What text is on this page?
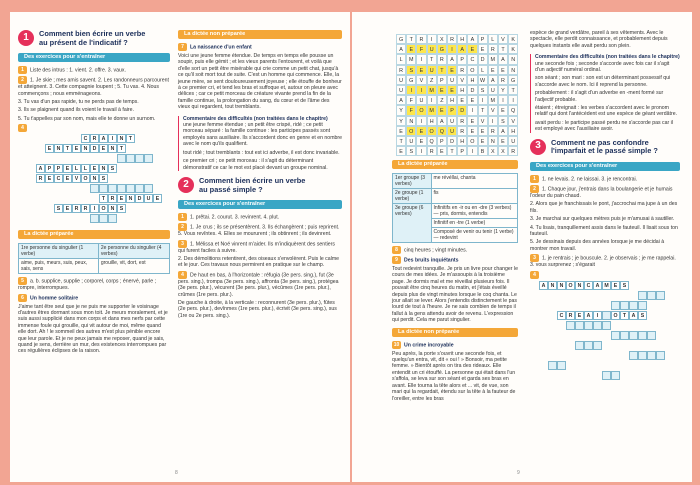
1	Comment bien écrire un verbe
au présent de l'indicatif ?
Des exercices pour s'entraîner
1 Liste des intrus : 1. vient. 2. offre. 3. vaux.
2 1. Je skie ; mes amis savent. 2. Les randonneurs parcourent et atteignent. 3. Cette compagnie loupent ; 5. Tu vas. 4. Nous commençons ; nous emménageons.
3. Tu vas d'un pas rapide, tu ne perds pas de temps.
3. Ils se plaignent quand ils voient le travail à faire.
5. Tu t'appelles par son nom, mais elle te donne un surnom.
4
C	R	A	I	N	T
E	N	T	E	N	D	E	N	T
A	P	P	E	L	L	E	N	S
R	E	C	E	V	O N	S
T	R	E	N	D	U	E
S	E	R	R	I	O N	S
La dictée préparée
1re personne du singulier (1 verbe)	2e personne du singulier (4 verbes)
aime, puis, meurs, suis, peux, sais, sens	grouille, vit, dort, est
5 a. b. supplice, supplie ; corporel, corps ; énervé, parle ; rompre, interrompues.
6 Un homme solitaire
J'aime tant être seul que je ne puis me supporter le voisinage d'autres êtres dormant sous mon toit. Je meurs moralement, et je suis aussi supplicié dans mon corps et dans mes nerfs par cette immense foule qui grouille, qui vit autour de moi, même quand elle dort. Ah ! le sommeil des autres m'est plus pénible encore que leur parole. Et je ne peux jamais me reposer, quand je sais, quand je sens, derrière un mur, des existences interrompues par ces régulières éclipses de la raison.
La dictée non préparée
7 La naissance d'un enfant
Voici une jeune femme étendue. De temps en temps elle pousse un soupir, puis elle gémit ; et les vieux parents l'entourent, et voilà que d'elle sort un petit être misérable qui crie comme un petit chat, jusqu'à ce qu'il soit mort tout de suite. C'est un homme qui commence. Elle, la jeune mère, se sent douloureusement joyeuse ; elle étouffe de bonheur à ce premier cri, et tend les bras et suffoque et, autour on pleure avec délices ; car ce petit morceau de créature vivante prend la fin de la famille continue, la prolongation du sang, du cœur et de l'âme des vieux qui regardent, tout tremblants.
Commentaire des difficultés (non traitées dans le chapitre)
une jeune femme étendue ; un petit être crispé, ridé ; ce petit morceau séparé : la famille continue : les participes passés sont employés sans auxiliaire. Ils s'accordent donc en genre et en nombre avec le nom qu'ils qualifient.
tout ridé ; tout tremblants : tout est ici adverbe, il est donc invariable.
ce premier cri ; ce petit morceau : il s'agit du déterminant démonstratif ce car le mot est placé devant un groupe nominal.
2	Comment bien écrire un verbe
au passé simple ?
Des exercices pour s'entraîner
1 1. prêtai. 2. courut. 3. revinrent. 4. plut.
2 1. Je crus ; ils se présentèrent. 3. Ils échangèrent ; puis reprirent. 5. Vous revîntes. 4. Elles se moururent ; ils obtinrent ; ils devinrent.
3 1. Mélissa et Noé vinrent m'aider. Ils m'indiquèrent des sentiers qui furent faciles à suivre.
2. Des démolitions retentirent, des oiseaux s'envolèrent. Puis le calme et le jour. Ces travaux nous permirent en pratique sur le champ.
4 De haut en bas, à l'horizontale : réfugia (3e pers. sing.), fut (3e pers. sing.), trompa (3e pers. sing.), affronta (3e pers. sing.), protégea (3e pers. plur.), vécurent (3e pers. plur.), vécûmes (1re pers. plur.), crûmes (1re pers. plur.).
De gauche à droite, à la verticale : reconnurent (3e pers. plur.), fûtes (2e pers. plur.), devînmes (1re pers. plur.), écrivit (3e pers. sing.), sus (1re ou 2e pers. sing.).
8
G	T	R	I	X	R	H	A	P	L	V	K
A	E	F	U	G	I	A	E	E	R	T	K
L	M	I	T	R	A	P	C	D	M	A	N
R	S	E	U	T	E	R	O	L	E	E	N
U	G	V	Z	P	U	V	H	W	A	R	G
U	I	I	M	E	E	H	D	S	U	Y	T
A	F	U	I	Z	H	E	E	I	M	I	I
Y	F	O	M	E	P	D	I	T	V	E	Q
Y	N	I	H	A	U	R	E	V	I	S	V
E	O	E	O	Q	U	R	E	E	R	A	H
T	U	E	Q	P	D	H	O	E	N	E	U
E	S	I	R	E	T	P	I	B	X	X	R
La dictée préparée
1er groupe (3 verbes)	me révéllai, chanta
2e groupe (1 verbe)	fis
3e groupe (6 verbes)	Infinitifs en -ir ou en -dre (3 verbes) — pris, dormis, entendis
	Infinitif en -tre (1 verbe)
	Composé de venir ou tenir (1 verbe) — redevint
8 cinq heures ; vingt minutes.
9 Des bruits inquiétants
Tout redevint tranquille. Je pris un livre pour changer le cours de mes idées. Je m'assoupis à la troisième page. Je dormis mal et me réveillai plusieurs fois. Il pouvait être cinq heures du matin, et j'étais éveillé depuis plus de vingt minutes lorsque le coq chanta. Le jour allait se lever. Alors j'entendis distinctement le pas lourd de tout à l'heure. Je ne sais combien de temps il fallut à la gens attendu avoir de revenu. L'expression qui perdit. Cela me parut singulier.
La dictée non préparée
10 Un crime incroyable
Peu après, la porte s'ouvrit une seconde fois, et quelqu'un entra, vit, dit « oui ! » Bonsoir, ma petite femme. » Bientôt après on tira des rideaux. Elle entendit un cri étouffé. La personne qui était dans l'un s'affola, se leva sur son séant et garda ses bras en avant. Elle tourna la tête alors et ... vit, de vue, son mari qui la regardait, étendu sur la tête à la fauteur de l'oreiller, entre les bras
espèce de grand verdâtre, pareil à ses vêtements. Avec le spectacle, elle perdit connaissance, et probablement depuis quelques instants elle avait perdu son plein.
Commentaire des difficultés (non traitées dans le chapitre)
une seconde fois ; seconde s'accorde avec fois car il s'agit d'un adjectif numéral ordinal.
son séant ; son mari : son est un déterminant possessif qui s'accorde avec le nom. Ici il reprend la personne.
probablement : il s'agit d'un adverbe en -ment formé sur l'adjectif probable.
étaient ; étreignait : les verbes s'accordent avec le pronom relatif qui dont l'antécédent est une espèce de géant verdâtre.
avait perdu : le participe passé perdu ne s'accorde pas car il est employé avec l'auxiliaire avoir.
3	Comment ne pas confondre
l'imparfait et le passé simple ?
Des exercices pour s'entraîner
1 1. ne levais. 2. ne laissai. 3. je rencontrai.
2 1. Chaque jour, j'entrais dans la boulangerie et je humais l'odeur du pain chaud.
2. Alors que je franchissais le pont, j'accrochai ma jupe à un des fils.
3. Je marchai sur quelques mètres puis je m'amusai à sautiller.
4. Tu lisais, tranquillement assis dans le fauteuil. Il lisait sous ton fauteuil.
5. Je dessinais depuis des années lorsque je me décidai à montrer mon travail.
3 1. je rentrais ; je bouscule. 2. je observais ; je me rappelai. 3. vous surprenez ; s'égarait
4
A	N	N O N	C	A M E	S
C	R	E	A	I	O	T	A	S
9
